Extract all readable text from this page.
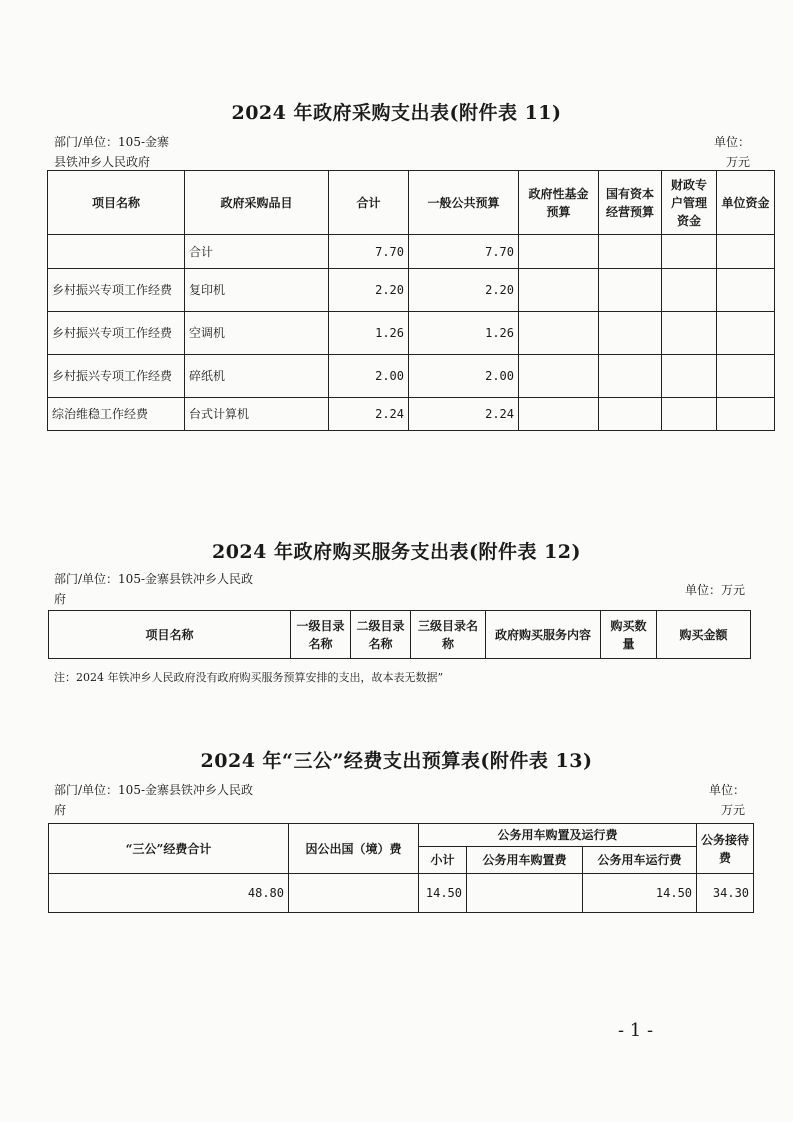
2024 年政府采购支出表(附件表 11)
部门/单位：105-金寨
县铁冲乡人民政府
单位：
万元
项目名称	政府采购品目	合计	一般公共预算	政府性基金预算	国有资本经营预算	财政专户管理资金	单位资金
	合计	7.70	7.70				
乡村振兴专项工作经费	复印机	2.20	2.20				
乡村振兴专项工作经费	空调机	1.26	1.26				
乡村振兴专项工作经费	碎纸机	2.00	2.00				
综治维稳工作经费	台式计算机	2.24	2.24				
2024 年政府购买服务支出表(附件表 12)
部门/单位：105-金寨县铁冲乡人民政
府
单位：万元
项目名称	一级目录名称	二级目录名称	三级目录名称	政府购买服务内容	购买数量	购买金额
注：2024 年铁冲乡人民政府没有政府购买服务预算安排的支出，故本表无数据”
2024 年“三公”经费支出预算表(附件表 13)
部门/单位：105-金寨县铁冲乡人民政
府
单位：
万元
“三公”经费合计	因公出国（境）费	公务用车购置及运行费			公务接待费
		小计	公务用车购置费	公务用车运行费	
48.80		14.50		14.50	34.30
- 1 -
